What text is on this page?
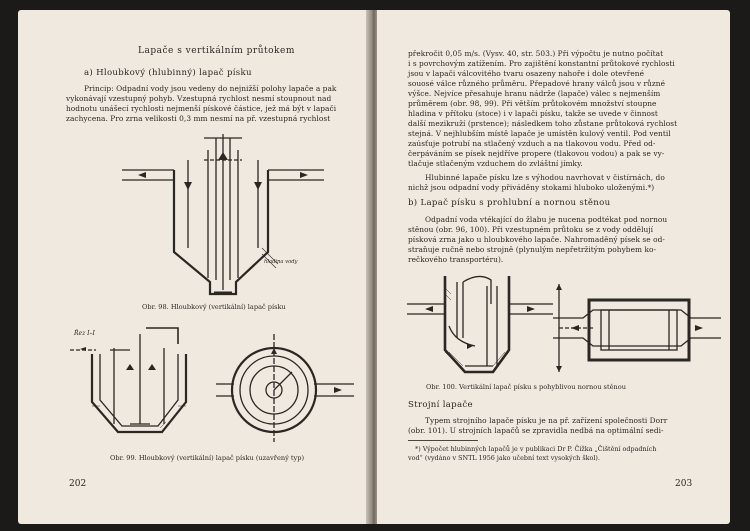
Lapače s vertikálním průtokem
a) Hloubkový (hlubinný) lapač písku
Princip: Odpadní vody jsou vedeny do nejnižší polohy lapače a pak
vykonávají vzestupný pohyb. Vzestupná rychlost nesmí stoupnout nad
hodnotu unášecí rychlosti nejmenší pískové částice, jež má být v lapači
zachycena. Pro zrna velikosti 0,3 mm nesmí na př. vzestupná rychlost
hladina vody
Obr. 98. Hloubkový (vertikální) lapač písku
Řez I–I
Obr. 99. Hloubkový (vertikální) lapač písku (uzavřený typ)
202
překročit 0,05 m/s. (Vysv. 40, str. 503.) Při výpočtu je nutno počítat
i s povrchovým zatížením. Pro zajištění konstantní průtokové rychlosti
jsou v lapači válcovitého tvaru osazeny nahoře i dole otevřené
souosé válce různého průměru. Přepadové hrany válců jsou v různé
výšce. Nejvíce přesahuje hranu nádrže (lapače) válec s nejmenším
průměrem (obr. 98, 99). Při větším průtokovém množství stoupne
hladina v přítoku (stoce) i v lapači písku, takže se uvede v činnost
další mezikruží (prstence); následkem toho zůstane průtoková rychlost
stejná. V nejhlubším místě lapače je umístěn kulový ventil. Pod ventil
zaúsťuje potrubí na stlačený vzduch a na tlakovou vodu. Před od-
čerpáváním se písek nejdříve propere (tlakovou vodou) a pak se vy-
tlačuje stlačeným vzduchem do zvláštní jímky.
Hlubinné lapače písku lze s výhodou navrhovat v čistírnách, do
nichž jsou odpadní vody přiváděny stokami hluboko uloženými.*)
b) Lapač písku s prohlubní a nornou stěnou
Odpadní voda vtékající do žlabu je nucena podtékat pod nornou
stěnou (obr. 96, 100). Při vzestupném průtoku se z vody oddělují
písková zrna jako u hloubkového lapače. Nahromaděný písek se od-
straňuje ručně nebo strojně (plynulým nepřetržitým pohybem ko-
rečkového transportéru).
Obr. 100. Vertikální lapač písku s pohyblivou nornou stěnou
Strojní lapače
Typem strojního lapače písku je na př. zařízení společnosti Dorr
(obr. 101). U strojních lapačů se zpravidla nedbá na optimální sedi-
*) Výpočet hlubinných lapačů je v publikaci Dr P. Čížka „Čištění odpadních
vod“ (vydáno v SNTL 1956 jako učební text vysokých škol).
203
